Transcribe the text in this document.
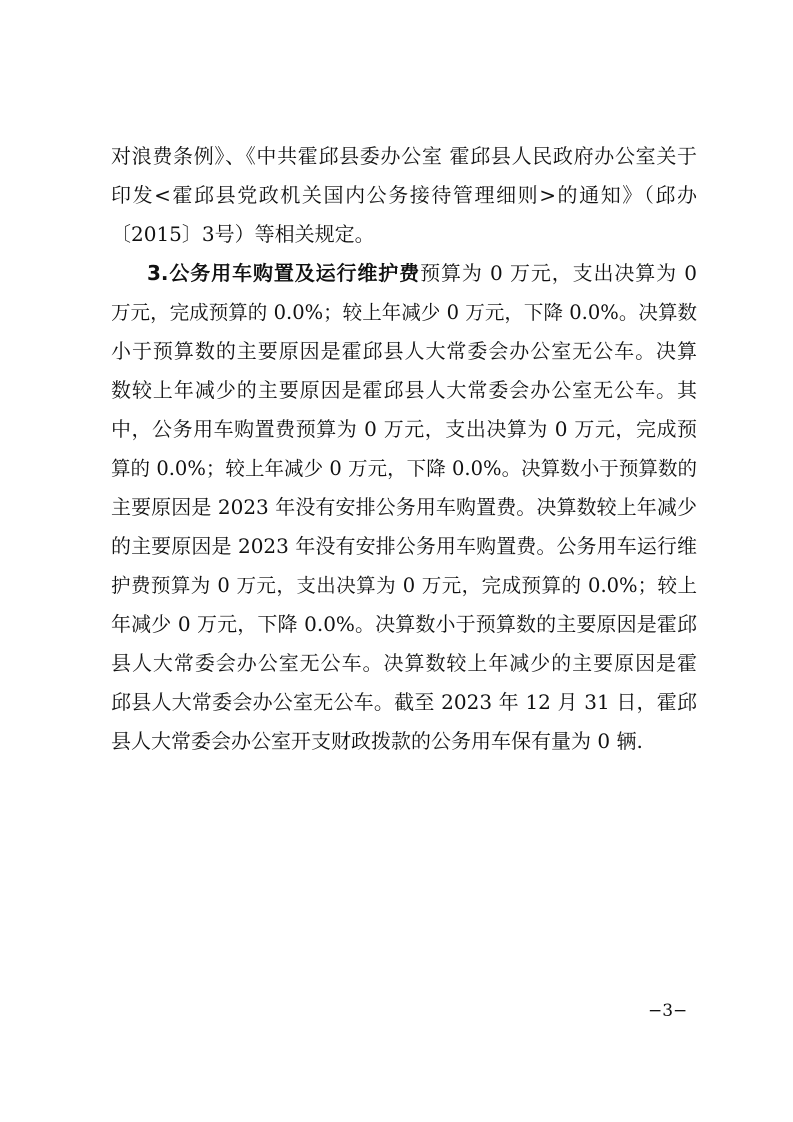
对浪费条例》、《中共霍邱县委办公室 霍邱县人民政府办公室关于
印发<霍邱县党政机关国内公务接待管理细则>的通知》（邱办
〔2015〕3号）等相关规定。
3.公务用车购置及运行维护费预算为 0 万元，支出决算为 0
万元，完成预算的 0.0%；较上年减少 0 万元，下降 0.0%。决算数
小于预算数的主要原因是霍邱县人大常委会办公室无公车。决算
数较上年减少的主要原因是霍邱县人大常委会办公室无公车。其
中，公务用车购置费预算为 0 万元，支出决算为 0 万元，完成预
算的 0.0%；较上年减少 0 万元，下降 0.0%。决算数小于预算数的
主要原因是 2023 年没有安排公务用车购置费。决算数较上年减少
的主要原因是 2023 年没有安排公务用车购置费。公务用车运行维
护费预算为 0 万元，支出决算为 0 万元，完成预算的 0.0%；较上
年减少 0 万元，下降 0.0%。决算数小于预算数的主要原因是霍邱
县人大常委会办公室无公车。决算数较上年减少的主要原因是霍
邱县人大常委会办公室无公车。截至 2023 年 12 月 31 日，霍邱
县人大常委会办公室开支财政拨款的公务用车保有量为 0 辆.
−3−
